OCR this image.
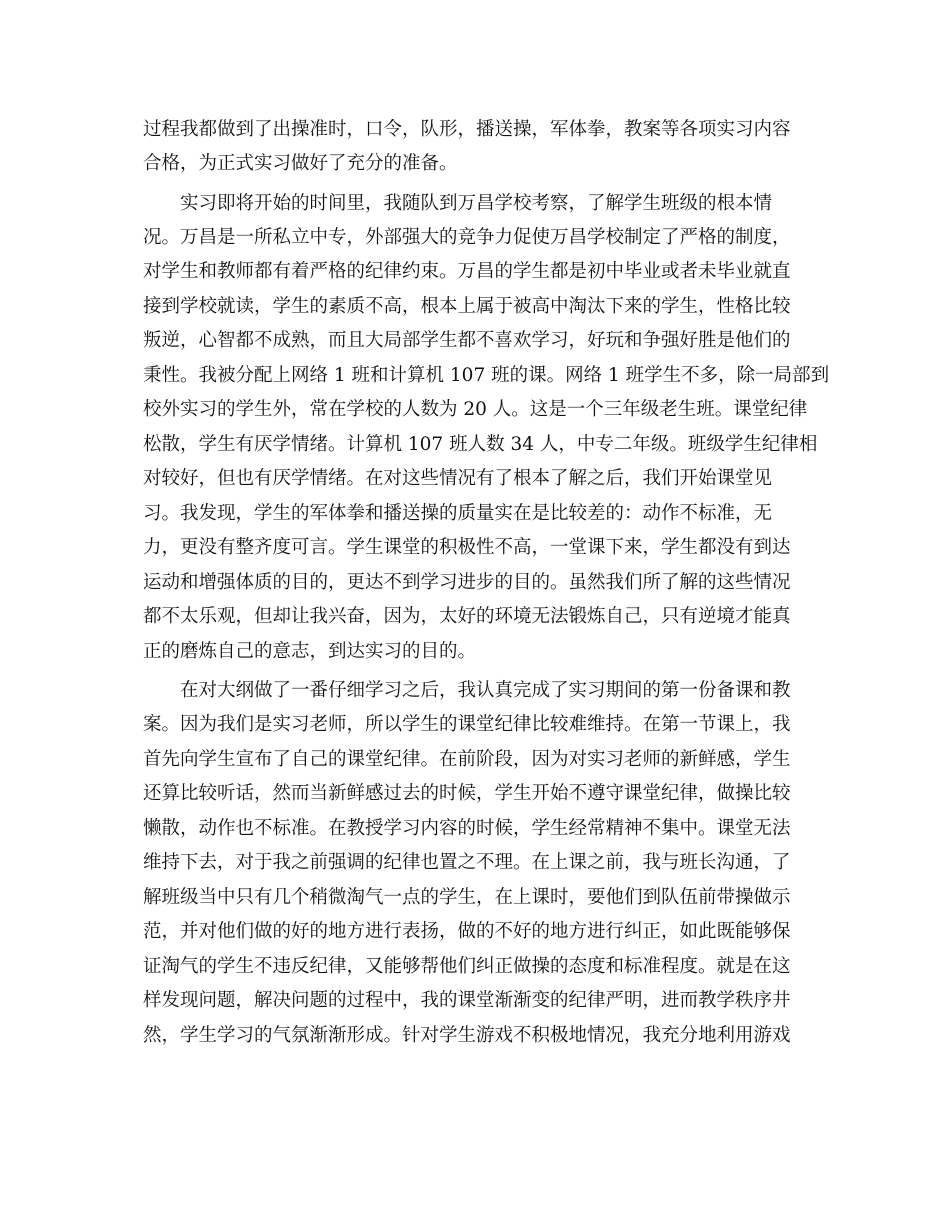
过程我都做到了出操准时，口令，队形，播送操，军体拳，教案等各项实习内容
合格，为正式实习做好了充分的准备。
实习即将开始的时间里，我随队到万昌学校考察，了解学生班级的根本情
况。万昌是一所私立中专，外部强大的竞争力促使万昌学校制定了严格的制度，
对学生和教师都有着严格的纪律约束。万昌的学生都是初中毕业或者未毕业就直
接到学校就读，学生的素质不高，根本上属于被高中淘汰下来的学生，性格比较
叛逆，心智都不成熟，而且大局部学生都不喜欢学习，好玩和争强好胜是他们的
秉性。我被分配上网络 1 班和计算机 107 班的课。网络 1 班学生不多，除一局部到
校外实习的学生外，常在学校的人数为 20 人。这是一个三年级老生班。课堂纪律
松散，学生有厌学情绪。计算机 107 班人数 34 人，中专二年级。班级学生纪律相
对较好，但也有厌学情绪。在对这些情况有了根本了解之后，我们开始课堂见
习。我发现，学生的军体拳和播送操的质量实在是比较差的：动作不标准，无
力，更没有整齐度可言。学生课堂的积极性不高，一堂课下来，学生都没有到达
运动和增强体质的目的，更达不到学习进步的目的。虽然我们所了解的这些情况
都不太乐观，但却让我兴奋，因为，太好的环境无法锻炼自己，只有逆境才能真
正的磨炼自己的意志，到达实习的目的。
在对大纲做了一番仔细学习之后，我认真完成了实习期间的第一份备课和教
案。因为我们是实习老师，所以学生的课堂纪律比较难维持。在第一节课上，我
首先向学生宣布了自己的课堂纪律。在前阶段，因为对实习老师的新鲜感，学生
还算比较听话，然而当新鲜感过去的时候，学生开始不遵守课堂纪律，做操比较
懒散，动作也不标准。在教授学习内容的时候，学生经常精神不集中。课堂无法
维持下去，对于我之前强调的纪律也置之不理。在上课之前，我与班长沟通，了
解班级当中只有几个稍微淘气一点的学生，在上课时，要他们到队伍前带操做示
范，并对他们做的好的地方进行表扬，做的不好的地方进行纠正，如此既能够保
证淘气的学生不违反纪律，又能够帮他们纠正做操的态度和标准程度。就是在这
样发现问题，解决问题的过程中，我的课堂渐渐变的纪律严明，进而教学秩序井
然，学生学习的气氛渐渐形成。针对学生游戏不积极地情况，我充分地利用游戏
